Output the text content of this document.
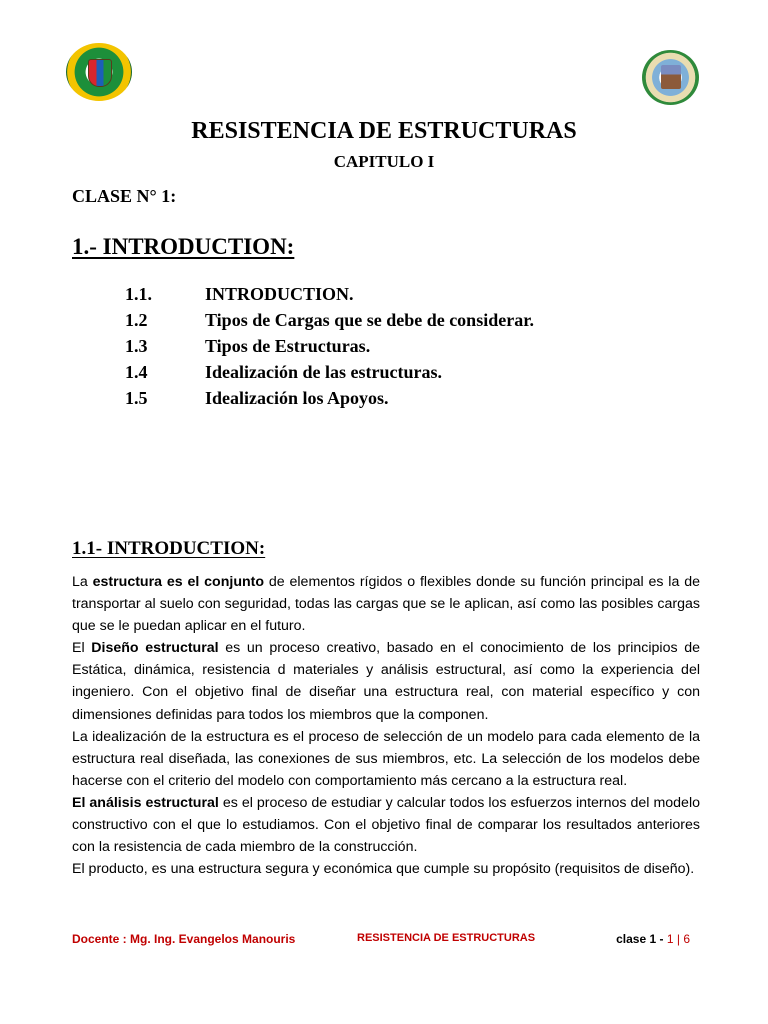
RESISTENCIA DE ESTRUCTURAS
CAPITULO I
CLASE N° 1:
1.- INTRODUCTION:
1.1.	INTRODUCTION.
1.2	Tipos de Cargas que se debe de considerar.
1.3	Tipos de Estructuras.
1.4	Idealización de las estructuras.
1.5	Idealización los Apoyos.
1.1- INTRODUCTION:

La estructura es el conjunto de elementos rígidos o flexibles donde su función principal es la de transportar al suelo con seguridad, todas las cargas que se le aplican, así como las posibles cargas que se le puedan aplicar en el futuro.

El Diseño estructural es un proceso creativo, basado en el conocimiento de los principios de Estática, dinámica, resistencia d materiales y análisis estructural, así como la experiencia del ingeniero. Con el objetivo final de diseñar una estructura real, con material específico y con dimensiones definidas para todos los miembros que la componen.

La idealización de la estructura es el proceso de selección de un modelo para cada elemento de la estructura real diseñada, las conexiones de sus miembros, etc. La selección de los modelos debe hacerse con el criterio del modelo con comportamiento más cercano a la estructura real.

El análisis estructural es el proceso de estudiar y calcular todos los esfuerzos internos del modelo constructivo con el que lo estudiamos. Con el objetivo final de comparar los resultados anteriores con la resistencia de cada miembro de la construcción.

El producto, es una estructura segura y económica que cumple su propósito (requisitos de diseño).

Docente : Mg. Ing. Evangelos Manouris	RESISTENCIA DE ESTRUCTURAS	clase 1 - 1 | 6
